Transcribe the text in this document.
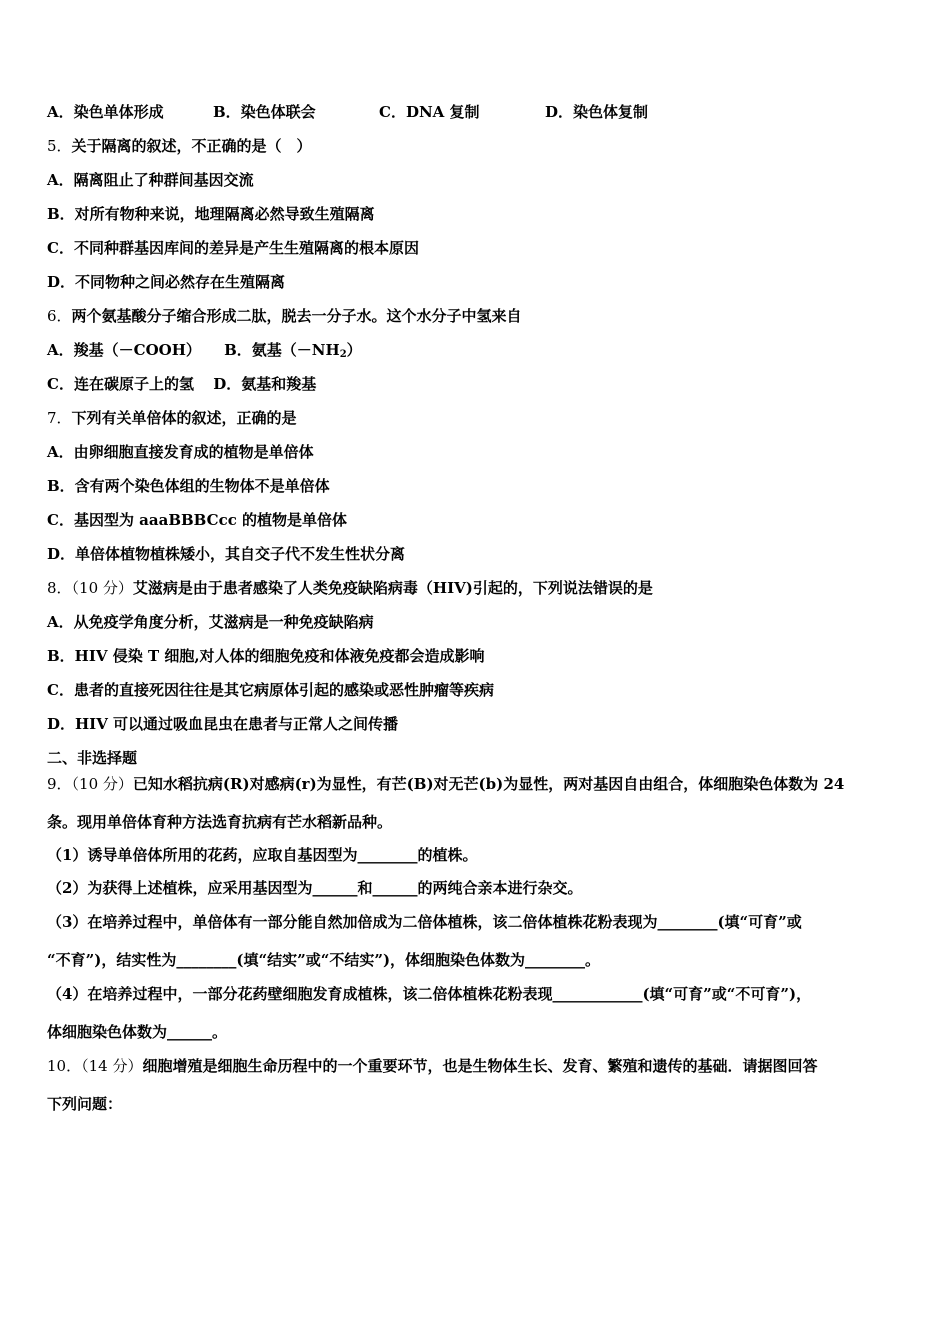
A．染色单体形成	B．染色体联会	C．DNA 复制	D．染色体复制
5．关于隔离的叙述，不正确的是（　）
A．隔离阻止了种群间基因交流
B．对所有物种来说，地理隔离必然导致生殖隔离
C．不同种群基因库间的差异是产生生殖隔离的根本原因
D．不同物种之间必然存在生殖隔离
6．两个氨基酸分子缩合形成二肽，脱去一分子水。这个水分子中氢来自
A．羧基（－COOH） B．氨基$(-NH_2)$
C．连在碳原子上的氢 D．氨基和羧基
7．下列有关单倍体的叙述，正确的是
A．由卵细胞直接发育成的植物是单倍体
B．含有两个染色体组的生物体不是单倍体
C．基因型为 aaaBBBCcc 的植物是单倍体
D．单倍体植物植株矮小，其自交子代不发生性状分离
8．（10 分）艾滋病是由于患者感染了人类免疫缺陷病毒（HIV)引起的，下列说法错误的是
A．从免疫学角度分析，艾滋病是一种免疫缺陷病
B．HIV 侵染 T 细胞,对人体的细胞免疫和体液免疫都会造成影响
C．患者的直接死因往往是其它病原体引起的感染或恶性肿瘤等疾病
D．HIV 可以通过吸血昆虫在患者与正常人之间传播
二、非选择题
9．（10 分）已知水稻抗病(R)对感病(r)为显性，有芒(B)对无芒(b)为显性，两对基因自由组合，体细胞染色体数为 24
条。现用单倍体育种方法选育抗病有芒水稻新品种。
（1）诱导单倍体所用的花药，应取自基因型为________的植株。
（2）为获得上述植株，应采用基因型为______和______的两纯合亲本进行杂交。
（3）在培养过程中，单倍体有一部分能自然加倍成为二倍体植株，该二倍体植株花粉表现为________(填“可育”或
“不育”)，结实性为________(填“结实”或“不结实”)，体细胞染色体数为________。
（4）在培养过程中，一部分花药壁细胞发育成植株，该二倍体植株花粉表现____________(填“可育”或“不可育”)，
体细胞染色体数为______。
10．（14 分）细胞增殖是细胞生命历程中的一个重要环节，也是生物体生长、发育、繁殖和遗传的基础．请据图回答
下列问题：
